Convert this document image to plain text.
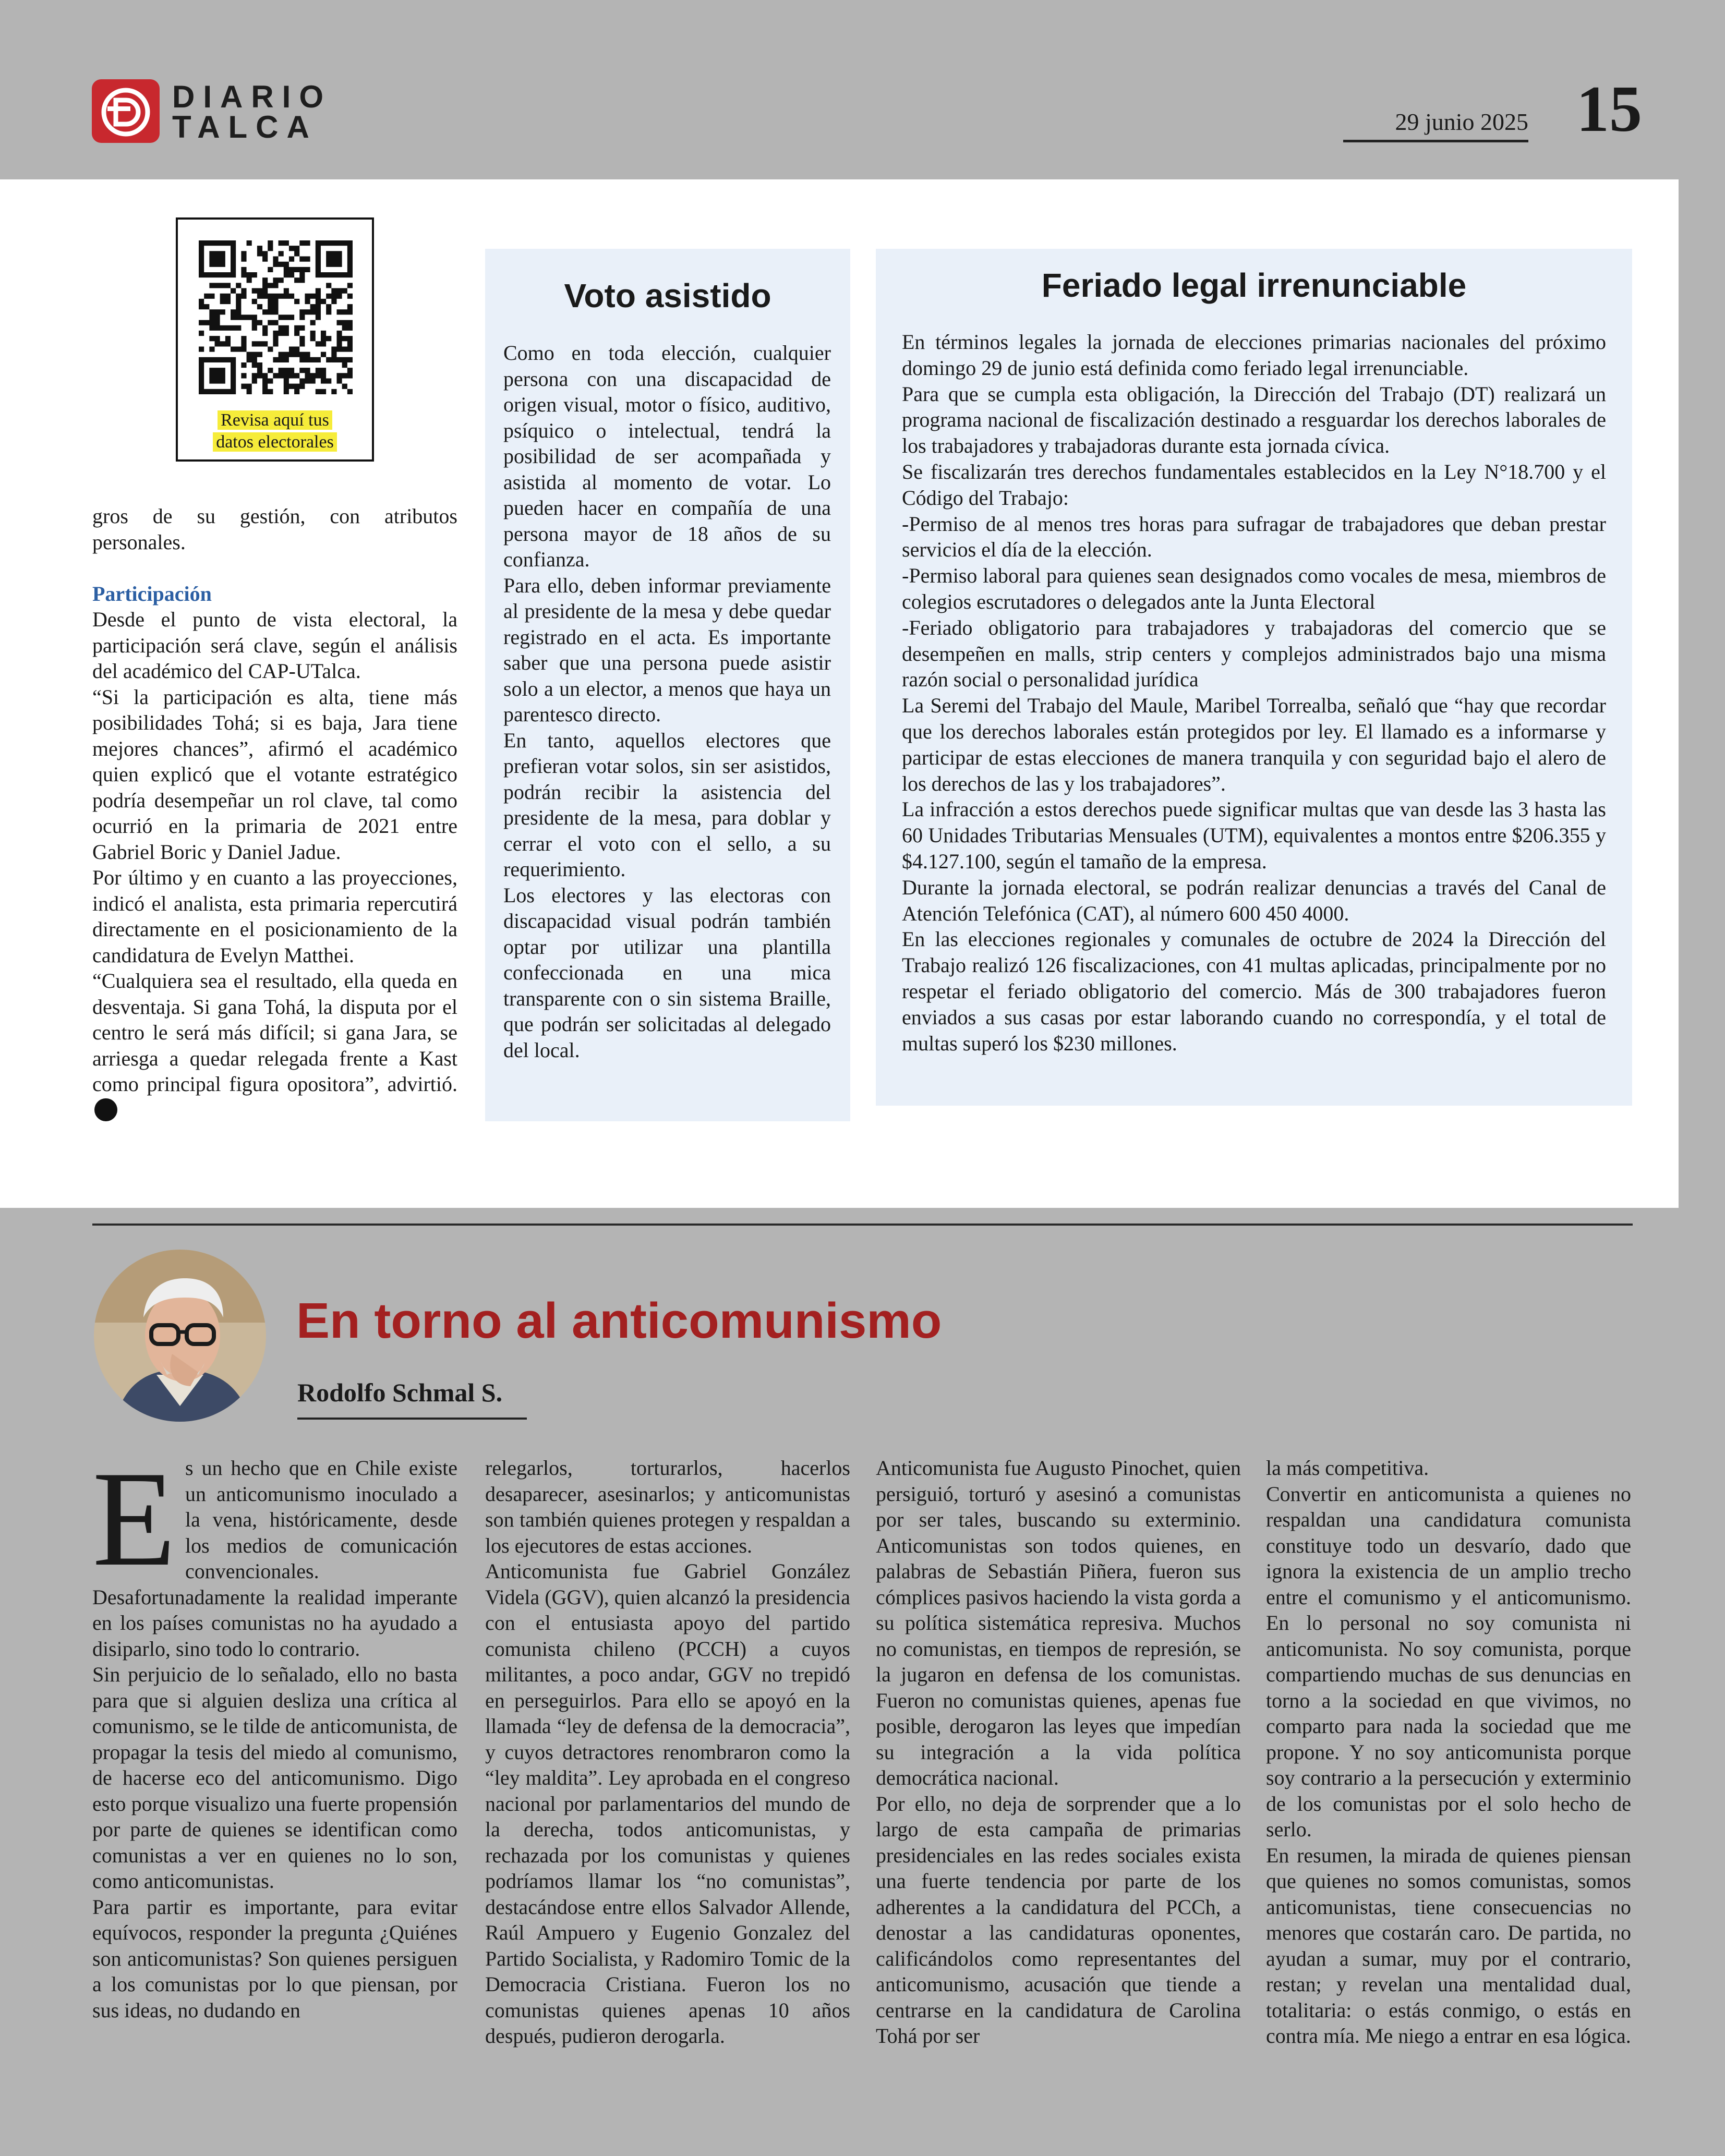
DIARIO
TALCA	29 junio 2025 15
Revisa aquí tus
datos electorales

gros de su gestión, con atributos personales.

Participación

Desde el punto de vista electoral, la participación será clave, según el análisis del académico del CAP-UTalca.

“Si la participación es alta, tiene más posibilidades Tohá; si es baja, Jara tiene mejores chances”, afirmó el académico quien explicó que el votante estratégico podría desempeñar un rol clave, tal como ocurrió en la primaria de 2021 entre Gabriel Boric y Daniel Jadue.

Por último y en cuanto a las proyecciones, indicó el analista, esta primaria repercutirá directamente en el posicionamiento de la candidatura de Evelyn Matthei.

“Cualquiera sea el resultado, ella queda en desventaja. Si gana Tohá, la disputa por el centro le será más difícil; si gana Jara, se arriesga a quedar relegada frente a Kast como principal figura opositora”, advirtió.

Voto asistido

Como en toda elección, cualquier persona con una discapacidad de origen visual, motor o físico, auditivo, psíquico o intelectual, tendrá la posibilidad de ser acompañada y asistida al momento de votar. Lo pueden hacer en compañía de una persona mayor de 18 años de su confianza.

Para ello, deben informar previamente al presidente de la mesa y debe quedar registrado en el acta. Es importante saber que una persona puede asistir solo a un elector, a menos que haya un parentesco directo.

En tanto, aquellos electores que prefieran votar solos, sin ser asistidos, podrán recibir la asistencia del presidente de la mesa, para doblar y cerrar el voto con el sello, a su requerimiento.

Los electores y las electoras con discapacidad visual podrán también optar por utilizar una plantilla confeccionada en una mica transparente con o sin sistema Braille, que podrán ser solicitadas al delegado del local.

Feriado legal irrenunciable

En términos legales la jornada de elecciones primarias nacionales del próximo domingo 29 de junio está definida como feriado legal irrenunciable.

Para que se cumpla esta obligación, la Dirección del Trabajo (DT) realizará un programa nacional de fiscalización destinado a resguardar los derechos laborales de los trabajadores y trabajadoras durante esta jornada cívica.

Se fiscalizarán tres derechos fundamentales establecidos en la Ley N°18.700 y el Código del Trabajo:

-Permiso de al menos tres horas para sufragar de trabajadores que deban prestar servicios el día de la elección.

-Permiso laboral para quienes sean designados como vocales de mesa, miembros de colegios escrutadores o delegados ante la Junta Electoral

-Feriado obligatorio para trabajadores y trabajadoras del comercio que se desempeñen en malls, strip centers y complejos administrados bajo una misma razón social o personalidad jurídica

La Seremi del Trabajo del Maule, Maribel Torrealba, señaló que “hay que recordar que los derechos laborales están protegidos por ley. El llamado es a informarse y participar de estas elecciones de manera tranquila y con seguridad bajo el alero de los derechos de las y los trabajadores”.

La infracción a estos derechos puede significar multas que van desde las 3 hasta las 60 Unidades Tributarias Mensuales (UTM), equivalentes a montos entre $206.355 y $4.127.100, según el tamaño de la empresa.

Durante la jornada electoral, se podrán realizar denuncias a través del Canal de Atención Telefónica (CAT), al número 600 450 4000.

En las elecciones regionales y comunales de octubre de 2024 la Dirección del Trabajo realizó 126 fiscalizaciones, con 41 multas aplicadas, principalmente por no respetar el feriado obligatorio del comercio. Más de 300 trabajadores fueron enviados a sus casas por estar laborando cuando no correspondía, y el total de multas superó los $230 millones.

En torno al anticomunismo
Rodolfo Schmal S.

Es un hecho que en Chile existe un anticomunismo inoculado a la vena, históricamente, desde los medios de comunicación convencionales. Desafortunadamente la realidad imperante en los países comunistas no ha ayudado a disiparlo, sino todo lo contrario.

Sin perjuicio de lo señalado, ello no basta para que si alguien desliza una crítica al comunismo, se le tilde de anticomunista, de propagar la tesis del miedo al comunismo, de hacerse eco del anticomunismo. Digo esto porque visualizo una fuerte propensión por parte de quienes se identifican como comunistas a ver en quienes no lo son, como anticomunistas.

Para partir es importante, para evitar equívocos, responder la pregunta ¿Quiénes son anticomunistas? Son quienes persiguen a los comunistas por lo que piensan, por sus ideas, no dudando en

relegarlos, torturarlos, hacerlos desaparecer, asesinarlos; y anticomunistas son también quienes protegen y respaldan a los ejecutores de estas acciones.

Anticomunista fue Gabriel González Videla (GGV), quien alcanzó la presidencia con el entusiasta apoyo del partido comunista chileno (PCCH) a cuyos militantes, a poco andar, GGV no trepidó en perseguirlos. Para ello se apoyó en la llamada “ley de defensa de la democracia”, y cuyos detractores renombraron como la “ley maldita”. Ley aprobada en el congreso nacional por parlamentarios del mundo de la derecha, todos anticomunistas, y rechazada por los comunistas y quienes podríamos llamar los “no comunistas”, destacándose entre ellos Salvador Allende, Raúl Ampuero y Eugenio Gonzalez del Partido Socialista, y Radomiro Tomic de la Democracia Cristiana. Fueron los no comunistas quienes apenas 10 años después, pudieron derogarla.

Anticomunista fue Augusto Pinochet, quien persiguió, torturó y asesinó a comunistas por ser tales, buscando su exterminio. Anticomunistas son todos quienes, en palabras de Sebastián Piñera, fueron sus cómplices pasivos haciendo la vista gorda a su política sistemática represiva. Muchos no comunistas, en tiempos de represión, se la jugaron en defensa de los comunistas. Fueron no comunistas quienes, apenas fue posible, derogaron las leyes que impedían su integración a la vida política democrática nacional.

Por ello, no deja de sorprender que a lo largo de esta campaña de primarias presidenciales en las redes sociales exista una fuerte tendencia por parte de los adherentes a la candidatura del PCCh, a denostar a las candidaturas oponentes, calificándolos como representantes del anticomunismo, acusación que tiende a centrarse en la candidatura de Carolina Tohá por ser

la más competitiva.

Convertir en anticomunista a quienes no respaldan una candidatura comunista constituye todo un desvarío, dado que ignora la existencia de un amplio trecho entre el comunismo y el anticomunismo. En lo personal no soy comunista ni anticomunista. No soy comunista, porque compartiendo muchas de sus denuncias en torno a la sociedad en que vivimos, no comparto para nada la sociedad que me propone. Y no soy anticomunista porque soy contrario a la persecución y exterminio de los comunistas por el solo hecho de serlo.

En resumen, la mirada de quienes piensan que quienes no somos comunistas, somos anticomunistas, tiene consecuencias no menores que costarán caro. De partida, no ayudan a sumar, muy por el contrario, restan; y revelan una mentalidad dual, totalitaria: o estás conmigo, o estás en contra mía. Me niego a entrar en esa lógica.
